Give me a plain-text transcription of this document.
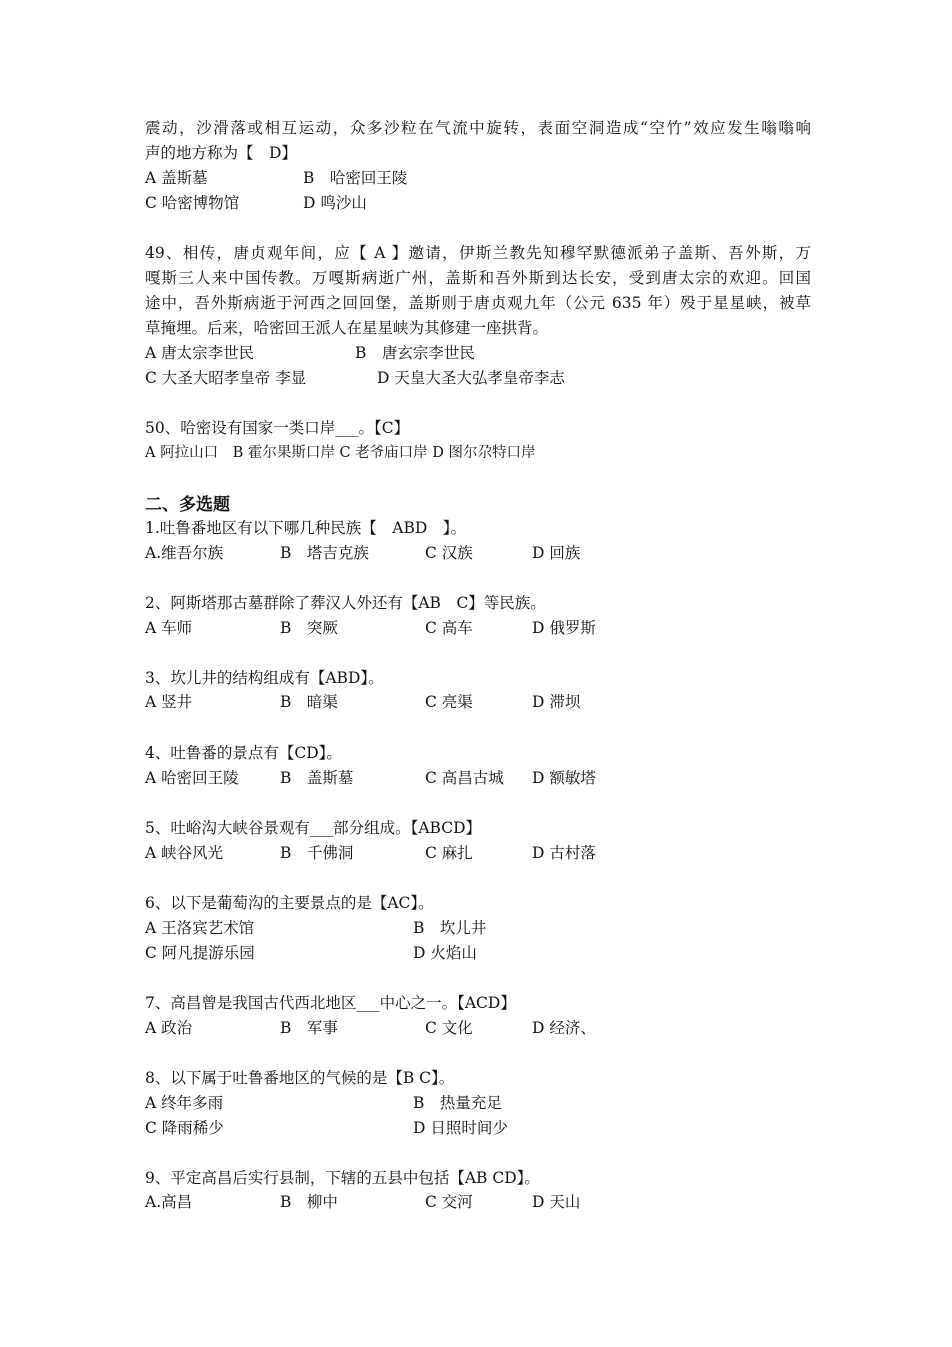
震动，沙滑落或相互运动，众多沙粒在气流中旋转，表面空洞造成“空竹”效应发生嗡嗡响
声的地方称为【　D】
A 盖斯墓	B　哈密回王陵
C 哈密博物馆	D 鸣沙山
49、相传，唐贞观年间，应【 A 】邀请，伊斯兰教先知穆罕默德派弟子盖斯、吾外斯，万
嘎斯三人来中国传教。万嘎斯病逝广州，盖斯和吾外斯到达长安，受到唐太宗的欢迎。回国
途中，吾外斯病逝于河西之回回堡，盖斯则于唐贞观九年（公元 635 年）殁于星星峡，被草
草掩埋。后来，哈密回王派人在星星峡为其修建一座拱背。
A 唐太宗李世民	B　唐玄宗李世民
C 大圣大昭孝皇帝 李显	D 天皇大圣大弘孝皇帝李志
50、哈密设有国家一类口岸___。【C】
A 阿拉山口　B 霍尔果斯口岸 C 老爷庙口岸 D 图尔尕特口岸
二、多选题
1.吐鲁番地区有以下哪几种民族【　ABD　】。
A.维吾尔族	B　塔吉克族	C 汉族	D 回族
2、阿斯塔那古墓群除了葬汉人外还有【AB　C】等民族。
A 车师	B　突厥	C 高车	D 俄罗斯
3、坎儿井的结构组成有【ABD】。
A 竖井	B　暗渠	C 亮渠	D 滞坝
4、吐鲁番的景点有【CD】。
A 哈密回王陵	B　盖斯墓	C 高昌古城 D 额敏塔
5、吐峪沟大峡谷景观有___部分组成。【ABCD】
A 峡谷风光	B　千佛洞	C 麻扎	D 古村落
6、以下是葡萄沟的主要景点的是【AC】。
A 王洛宾艺术馆	B　坎儿井
C 阿凡提游乐园	D 火焰山
7、高昌曾是我国古代西北地区___中心之一。【ACD】
A 政治	B　军事	C 文化	D 经济、
8、以下属于吐鲁番地区的气候的是【B C】。
A 终年多雨	B　热量充足
C 降雨稀少	D 日照时间少
9、平定高昌后实行县制，下辖的五县中包括【AB CD】。
A.高昌	B　柳中	C 交河	D 天山
